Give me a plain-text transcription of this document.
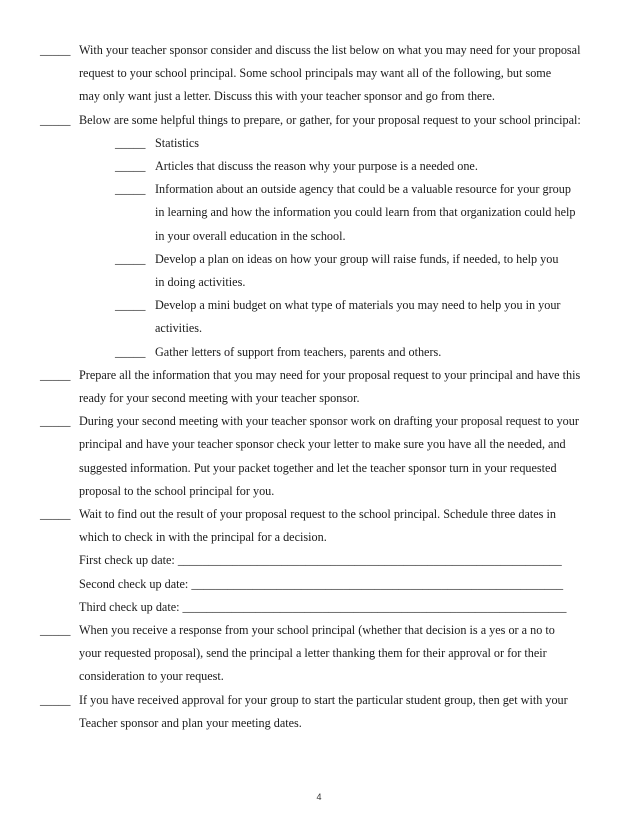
_____ With your teacher sponsor consider and discuss the list below on what you may need for your proposal
request to your school principal. Some school principals may want all of the following, but some
may only want just a letter. Discuss this with your teacher sponsor and go from there.
_____ Below are some helpful things to prepare, or gather, for your proposal request to your school principal:
_____ Statistics
_____ Articles that discuss the reason why your purpose is a needed one.
_____ Information about an outside agency that could be a valuable resource for your group
in learning and how the information you could learn from that organization could help
in your overall education in the school.
_____ Develop a plan on ideas on how your group will raise funds, if needed, to help you
in doing activities.
_____ Develop a mini budget on what type of materials you may need to help you in your
activities.
_____ Gather letters of support from teachers, parents and others.
_____ Prepare all the information that you may need for your proposal request to your principal and have this
ready for your second meeting with your teacher sponsor.
_____ During your second meeting with your teacher sponsor work on drafting your proposal request to your
principal and have your teacher sponsor check your letter to make sure you have all the needed, and
suggested information. Put your packet together and let the teacher sponsor turn in your requested
proposal to the school principal for you.
_____ Wait to find out the result of your proposal request to the school principal. Schedule three dates in
which to check in with the principal for a decision.
First check up date: _______________________________________________________________
Second check up date: _____________________________________________________________
Third check up date: _______________________________________________________________
_____ When you receive a response from your school principal (whether that decision is a yes or a no to
your requested proposal), send the principal a letter thanking them for their approval or for their
consideration to your request.
_____ If you have received approval for your group to start the particular student group, then get with your
Teacher sponsor and plan your meeting dates.
4
